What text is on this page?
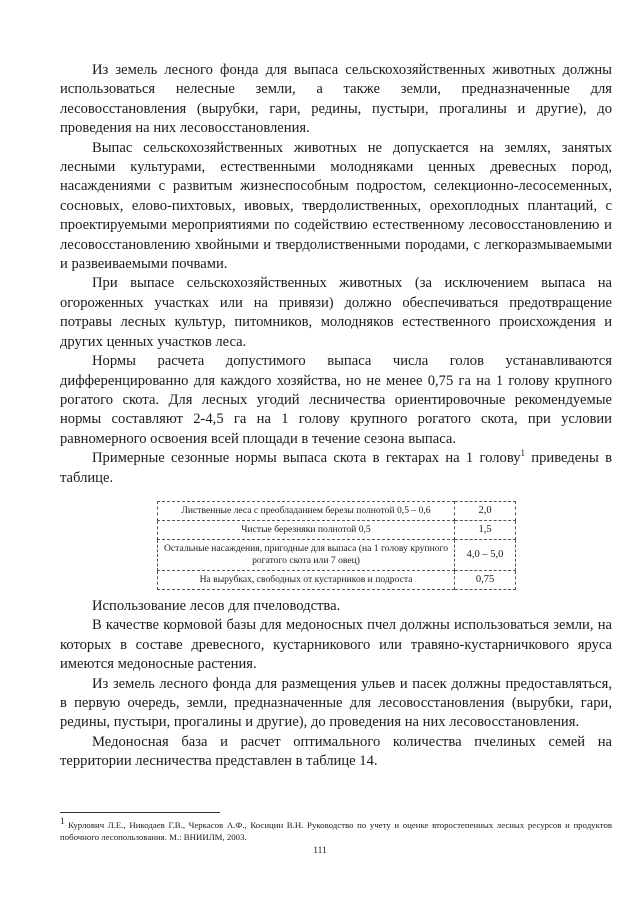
Из земель лесного фонда для выпаса сельскохозяйственных животных должны использоваться нелесные земли, а также земли, предназначенные для лесовосстановления (вырубки, гари, редины, пустыри, прогалины и другие), до проведения на них лесовосстановления.

Выпас сельскохозяйственных животных не допускается на землях, занятых лесными культурами, естественными молодняками ценных древесных пород, насаждениями с развитым жизнеспособным подростом, селекционно-лесосеменных, сосновых, елово-пихтовых, ивовых, твердолиственных, орехоплодных плантаций, с проектируемыми мероприятиями по содействию естественному лесовосстановлению и лесовосстановлению хвойными и твердолиственными породами, с легкоразмываемыми и развеиваемыми почвами.

При выпасе сельскохозяйственных животных (за исключением выпаса на огороженных участках или на привязи) должно обеспечиваться предотвращение потравы лесных культур, питомников, молодняков естественного происхождения и других ценных участков леса.

Нормы расчета допустимого выпаса числа голов устанавливаются дифференцированно для каждого хозяйства, но не менее 0,75 га на 1 голову крупного рогатого скота. Для лесных угодий лесничества ориентировочные рекомендуемые нормы составляют 2-4,5 га на 1 голову крупного рогатого скота, при условии равномерного освоения всей площади в течение сезона выпаса.

Примерные сезонные нормы выпаса скота в гектарах на 1 голову$^1$ приведены в таблице.

Лиственные леса с преобладанием березы полнотой 0,5 – 0,6	2,0
Чистые березняки полнотой 0,5	1,5
Остальные насаждения, пригодные для выпаса (на 1 голову крупного рогатого скота или 7 овец)	4,0 – 5,0
На вырубках, свободных от кустарников и подроста	0,75

Использование лесов для пчеловодства.

В качестве кормовой базы для медоносных пчел должны использоваться земли, на которых в составе древесного, кустарникового или травяно-кустарничкового яруса имеются медоносные растения.

Из земель лесного фонда для размещения ульев и пасек должны предоставляться, в первую очередь, земли, предназначенные для лесовосстановления (вырубки, гари, редины, пустыри, прогалины и другие), до проведения на них лесовосстановления.

Медоносная база и расчет оптимального количества пчелиных семей на территории лесничества представлен в таблице 14.

$^1$ Курлович Л.Е., Никодаев Г.В., Черкасов А.Ф., Косицин В.Н. Руководство по учету и оценке второстепенных лесных ресурсов и продуктов побочного лесопользования. М.: ВНИИЛМ, 2003.
111
